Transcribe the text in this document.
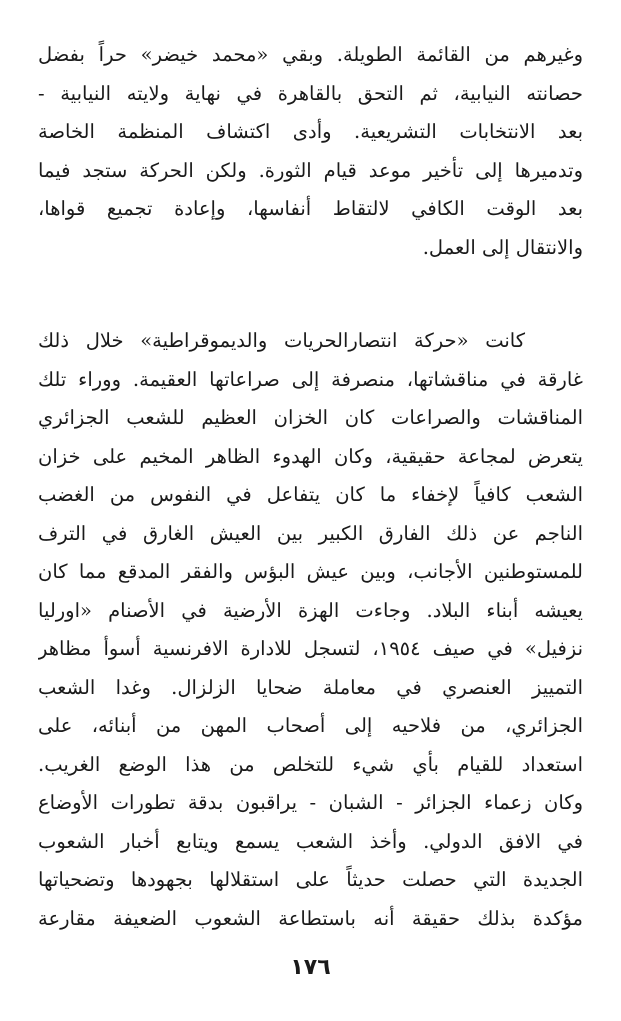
وغيرهم من القائمة الطويلة. وبقي «محمد خيضر» حراً بفضل
حصانته النيابية، ثم التحق بالقاهرة في نهاية ولايته النيابية -
بعد الانتخابات التشريعية. وأدى اكتشاف المنظمة الخاصة
وتدميرها إلى تأخير موعد قيام الثورة. ولكن الحركة ستجد فيما
بعد الوقت الكافي لالتقاط أنفاسها، وإعادة تجميع قواها،
والانتقال إلى العمل.
كانت «حركة انتصارالحريات والديموقراطية» خلال ذلك
غارقة في مناقشاتها، منصرفة إلى صراعاتها العقيمة. ووراء تلك
المناقشات والصراعات كان الخزان العظيم للشعب الجزائري
يتعرض لمجاعة حقيقية، وكان الهدوء الظاهر المخيم على خزان
الشعب كافياً لإخفاء ما كان يتفاعل في النفوس من الغضب
الناجم عن ذلك الفارق الكبير بين العيش الغارق في الترف
للمستوطنين الأجانب، وبين عيش البؤس والفقر المدقع مما كان
يعيشه أبناء البلاد. وجاءت الهزة الأرضية في الأصنام «اورليا
نزفيل» في صيف ١٩٥٤، لتسجل للادارة الافرنسية أسوأ مظاهر
التمييز العنصري في معاملة ضحايا الزلزال. وغدا الشعب
الجزائري، من فلاحيه إلى أصحاب المهن من أبنائه، على
استعداد للقيام بأي شيء للتخلص من هذا الوضع الغريب.
وكان زعماء الجزائر - الشبان - يراقبون بدقة تطورات الأوضاع
في الافق الدولي. وأخذ الشعب يسمع ويتابع أخبار الشعوب
الجديدة التي حصلت حديثاً على استقلالها بجهودها وتضحياتها
مؤكدة بذلك حقيقة أنه باستطاعة الشعوب الضعيفة مقارعة
١٧٦
